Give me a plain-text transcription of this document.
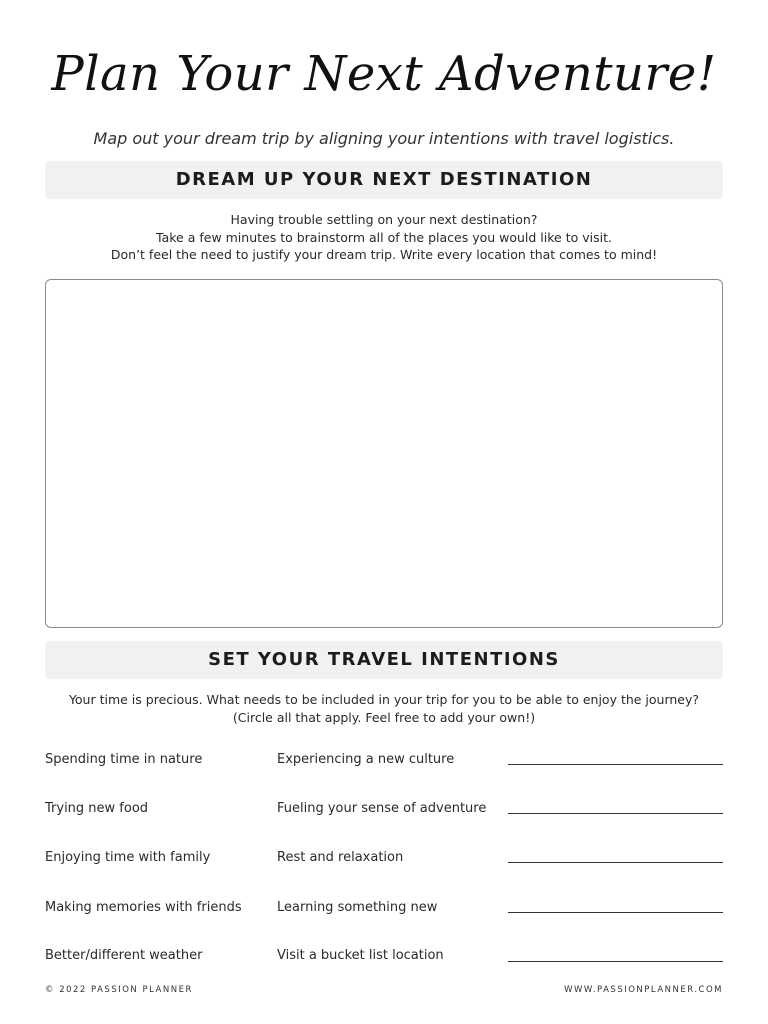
Plan Your Next Adventure!
Map out your dream trip by aligning your intentions with travel logistics.
DREAM UP YOUR NEXT DESTINATION
Having trouble settling on your next destination?
Take a few minutes to brainstorm all of the places you would like to visit.
Don’t feel the need to justify your dream trip. Write every location that comes to mind!
SET YOUR TRAVEL INTENTIONS
Your time is precious. What needs to be included in your trip for you to be able to enjoy the journey?
(Circle all that apply. Feel free to add your own!)
Spending time in nature	Experiencing a new culture
Trying new food	Fueling your sense of adventure
Enjoying time with family	Rest and relaxation
Making memories with friends	Learning something new
Better/different weather	Visit a bucket list location
© 2022 PASSION PLANNER	WWW.PASSIONPLANNER.COM
